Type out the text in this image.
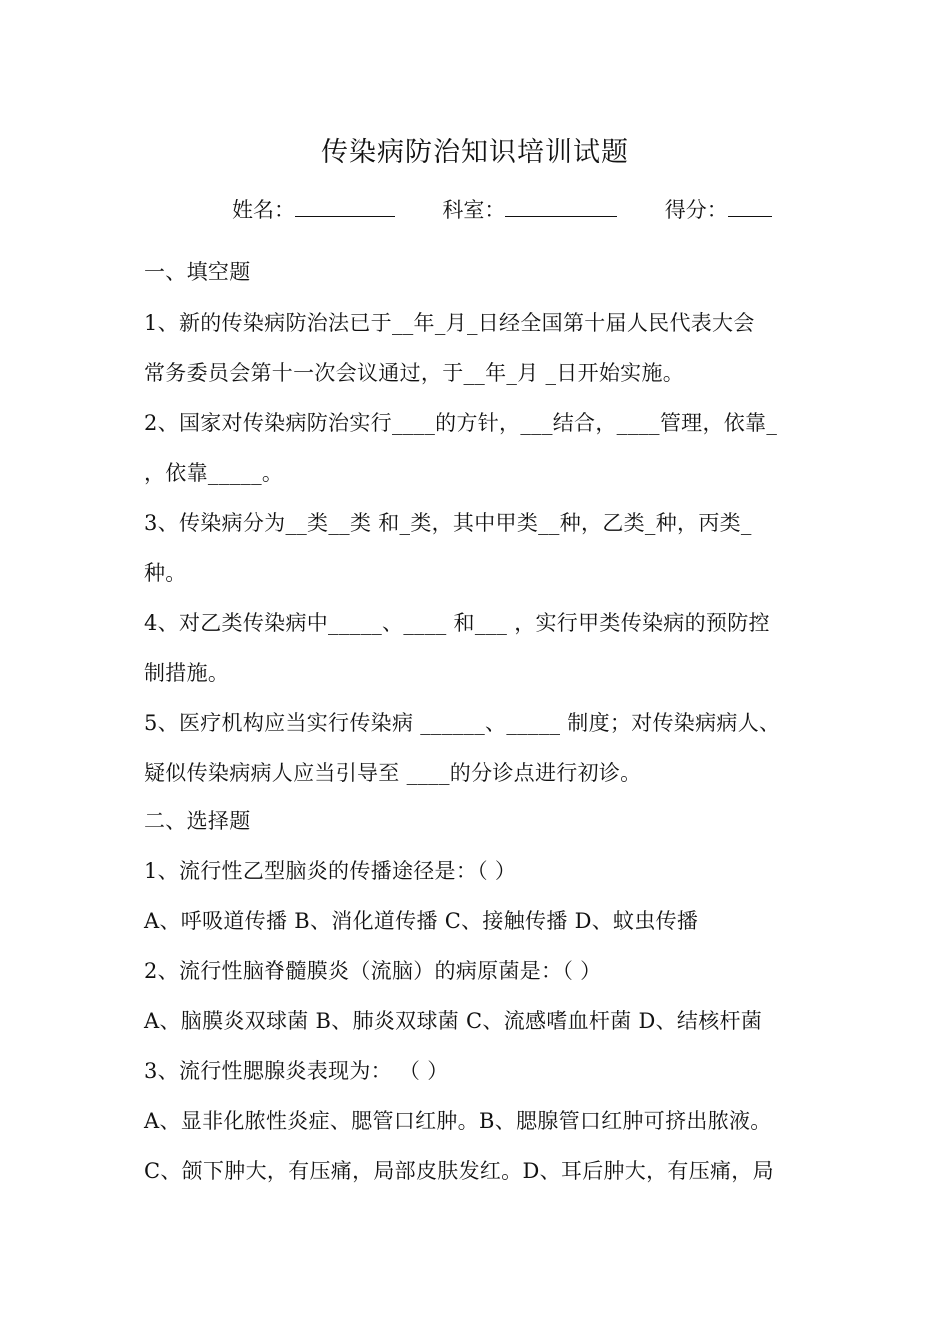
传染病防治知识培训试题
姓名：	科室：	得分：
一、填空题
1、新的传染病防治法已于__年_月_日经全国第十届人民代表大会
常务委员会第十一次会议通过，于__年_月 _日开始实施。
2、国家对传染病防治实行____的方针，___结合，____管理，依靠_
，依靠_____。
3、传染病分为__类__类 和_类，其中甲类__种，乙类_种，丙类_
种。
4、对乙类传染病中_____、____ 和___ ，实行甲类传染病的预防控
制措施。
5、医疗机构应当实行传染病 ______、_____ 制度；对传染病病人、
疑似传染病病人应当引导至 ____的分诊点进行初诊。
二、选择题
1、流行性乙型脑炎的传播途径是：（ ）
A、呼吸道传播 B、消化道传播 C、接触传播 D、蚊虫传播
2、流行性脑脊髓膜炎（流脑）的病原菌是：（ ）
A、脑膜炎双球菌 B、肺炎双球菌 C、流感嗜血杆菌 D、结核杆菌
3、流行性腮腺炎表现为： （ ）
A、显非化脓性炎症、腮管口红肿。B、腮腺管口红肿可挤出脓液。
C、颌下肿大，有压痛，局部皮肤发红。D、耳后肿大，有压痛，局
